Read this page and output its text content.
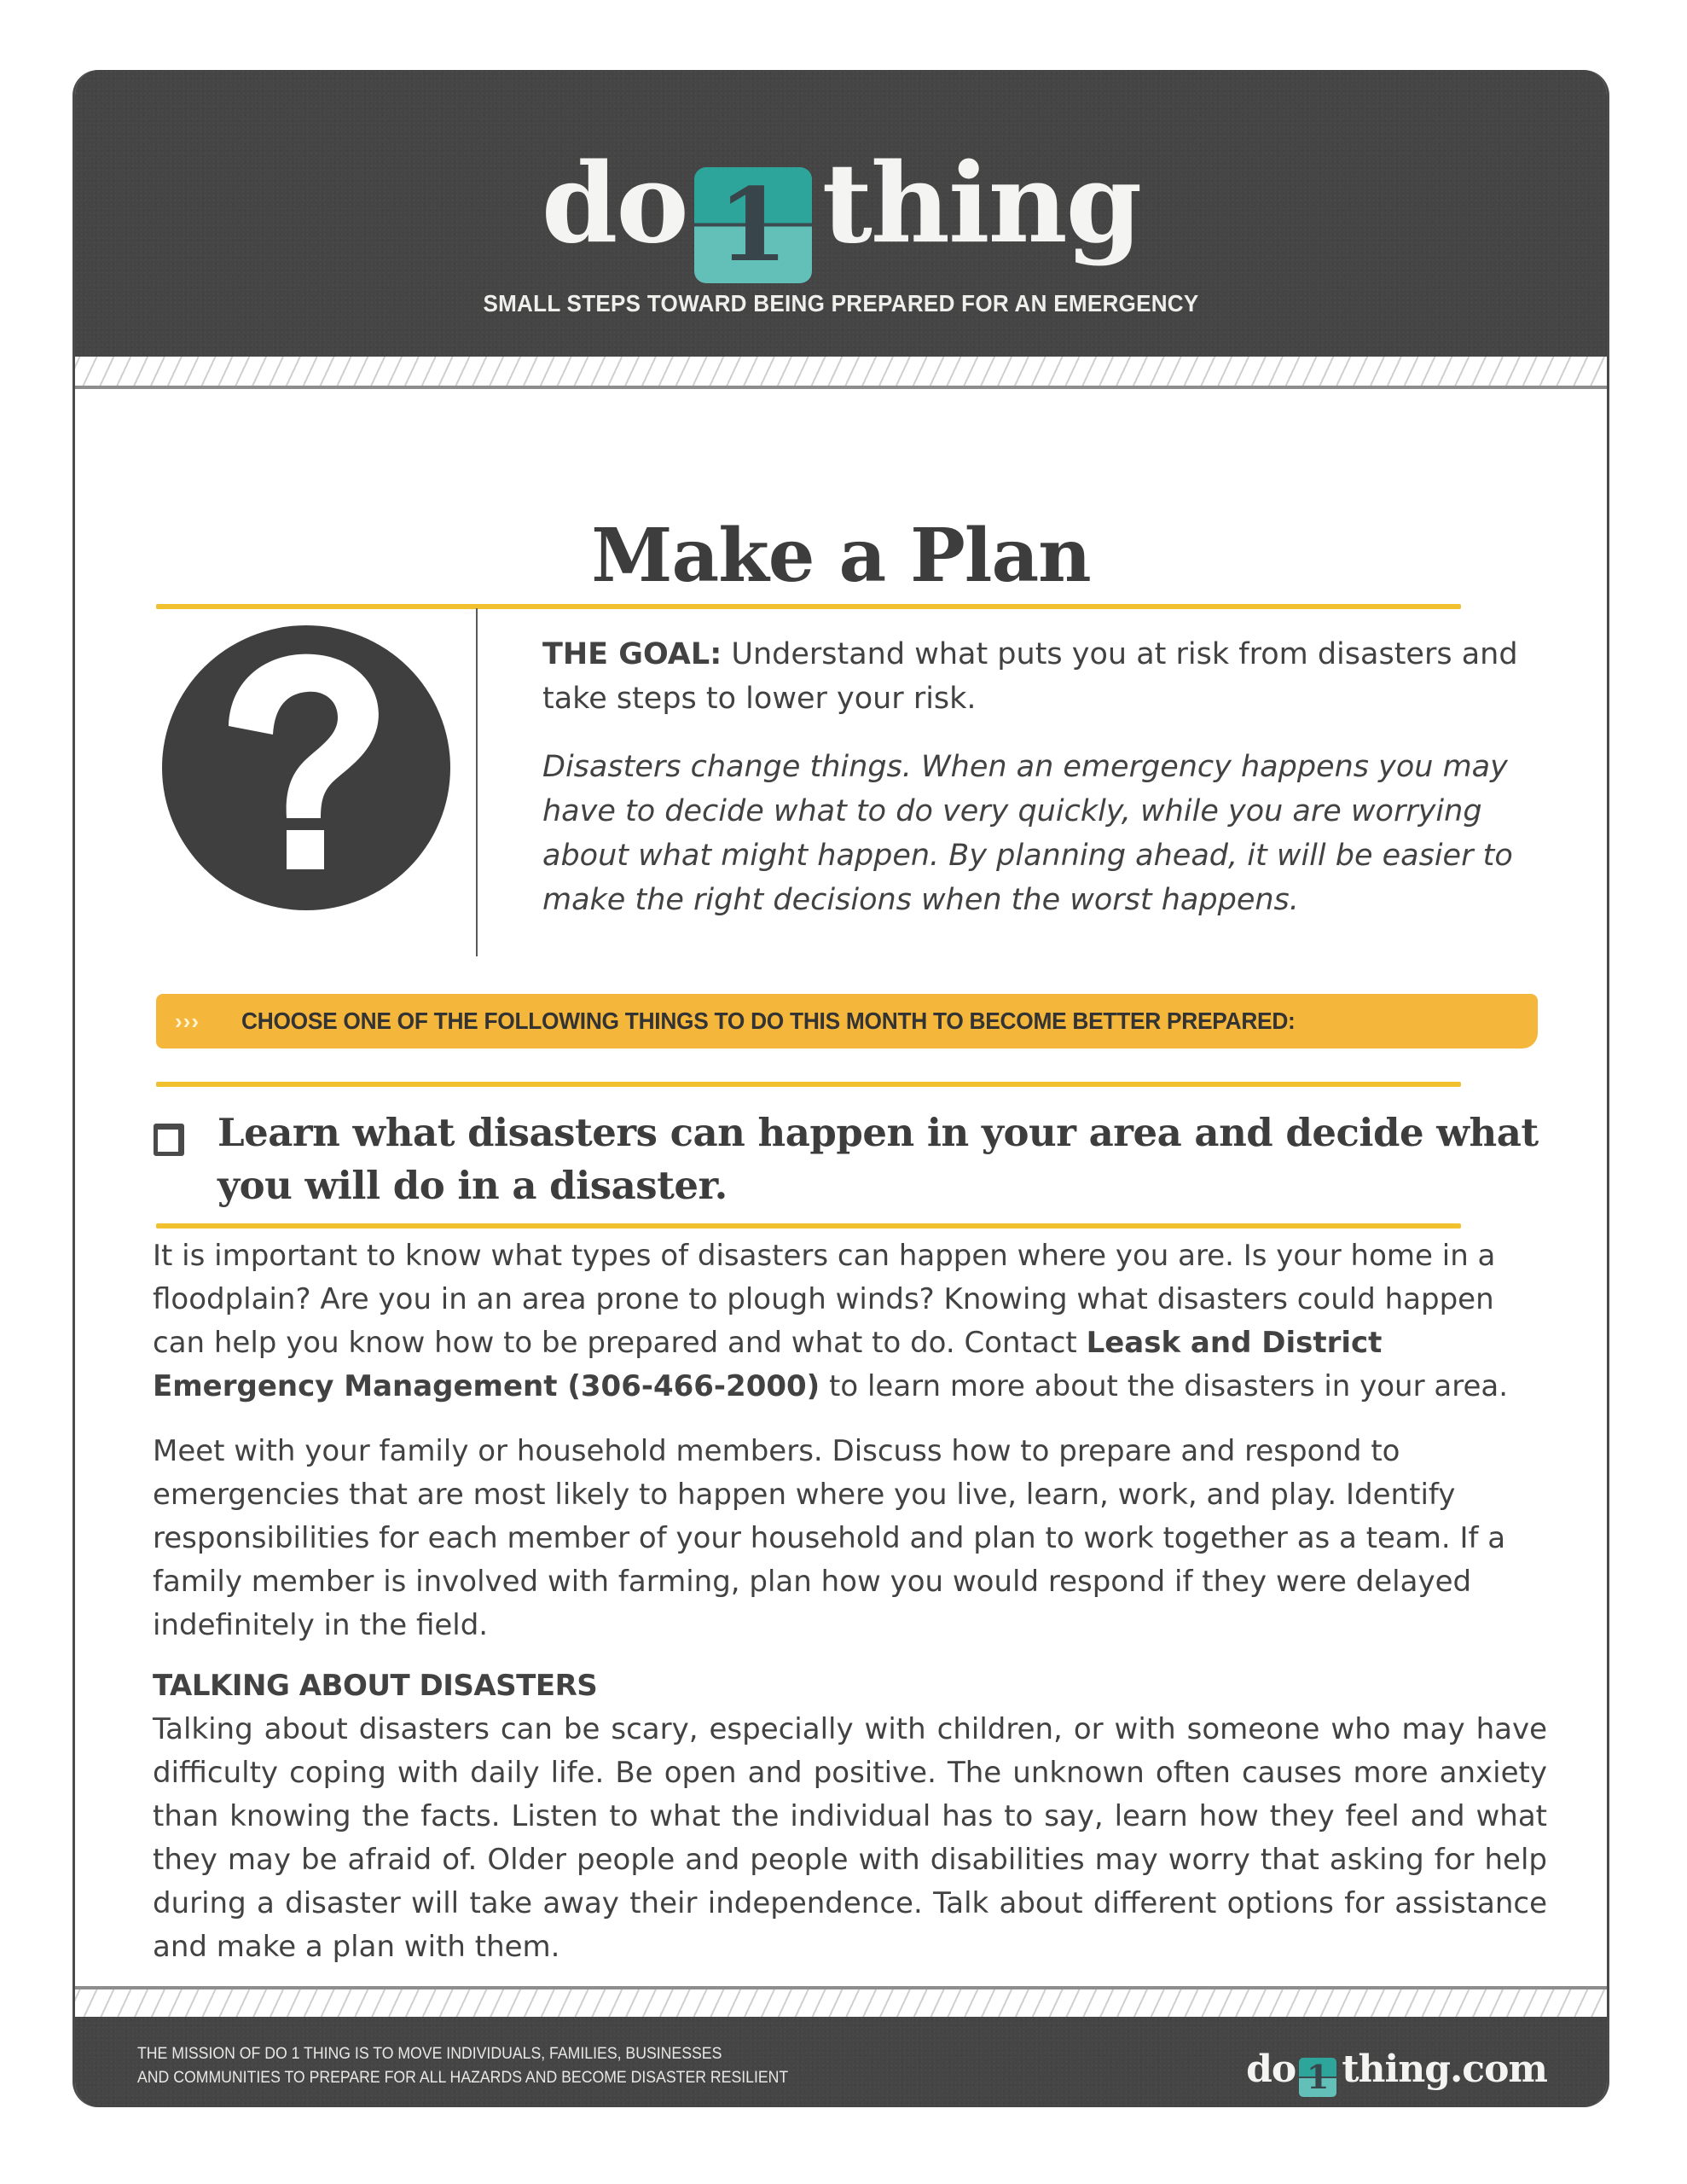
do 1 thing
SMALL STEPS TOWARD BEING PREPARED FOR AN EMERGENCY
Make a Plan

THE GOAL: Understand what puts you at risk from disasters and take steps to lower your risk.

Disasters change things. When an emergency happens you may have to decide what to do very quickly, while you are worrying about what might happen. By planning ahead, it will be easier to make the right decisions when the worst happens.

››› CHOOSE ONE OF THE FOLLOWING THINGS TO DO THIS MONTH TO BECOME BETTER PREPARED:
Learn what disasters can happen in your area and decide what you will do in a disaster.

It is important to know what types of disasters can happen where you are. Is your home in a floodplain? Are you in an area prone to plough winds? Knowing what disasters could happen can help you know how to be prepared and what to do. Contact Leask and District Emergency Management (306-466-2000) to learn more about the disasters in your area.

Meet with your family or household members. Discuss how to prepare and respond to emergencies that are most likely to happen where you live, learn, work, and play. Identify responsibilities for each member of your household and plan to work together as a team. If a family member is involved with farming, plan how you would respond if they were delayed indefinitely in the field.

TALKING ABOUT DISASTERS

Talking about disasters can be scary, especially with children, or with someone who may have difficulty coping with daily life. Be open and positive. The unknown often causes more anxiety than knowing the facts. Listen to what the individual has to say, learn how they feel and what they may be afraid of. Older people and people with disabilities may worry that asking for help during a disaster will take away their independence. Talk about different options for assistance and make a plan with them.

THE MISSION OF DO 1 THING IS TO MOVE INDIVIDUALS, FAMILIES, BUSINESSES
AND COMMUNITIES TO PREPARE FOR ALL HAZARDS AND BECOME DISASTER RESILIENT	do 1 thing.com
